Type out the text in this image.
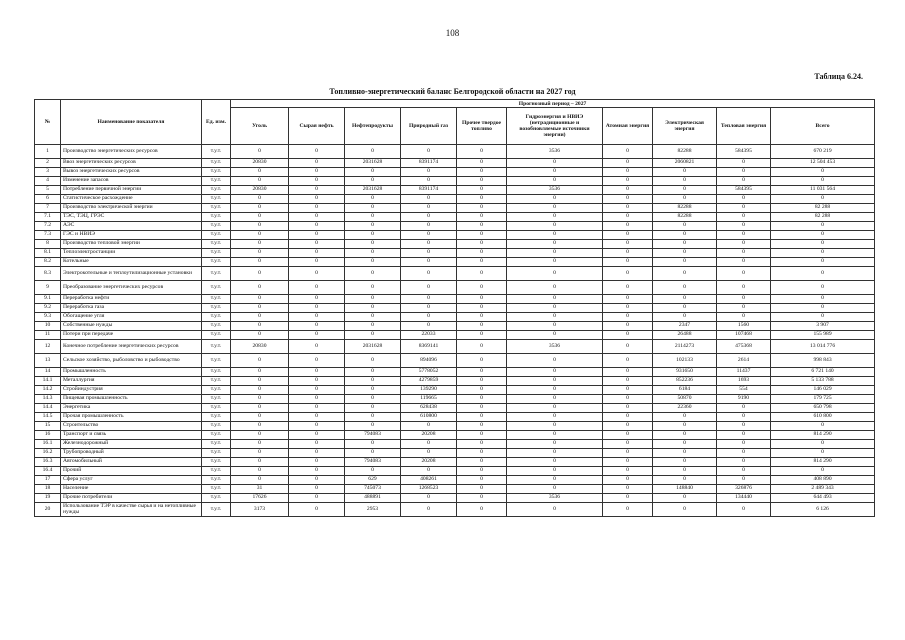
108
Таблица 6.24.
Топливно-энергетический баланс Белгородской области на 2027 год
№	Наименование показателя	Ед. изм.	Прогнозный период – 2027									
			Уголь	Сырая нефть	Нефтепродукты	Природный газ	Прочее твердое топливо	Гидроэнергия и НВИЭ (нетрадиционные и возобновляемые источники энергии)	Атомная энергия	Электрическая энергия	Тепловая энергия	Всего
1	Производство энергетических ресурсов	т.у.т.	0	0	0	0	0	3536	0	82288	584395	670 219
2	Ввоз энергетических ресурсов	т.у.т.	20830	0	2031628	8391174	0	0	0	2060821	0	12 504 453
3	Вывоз энергетических ресурсов	т.у.т.	0	0	0	0	0	0	0	0	0	0
4	Изменение запасов	т.у.т.	0	0	0	0	0	0	0	0	0	0
5	Потребление первичной энергии	т.у.т.	20830	0	2031628	8391174	0	3536	0	0	584395	11 031 564
6	Статистическое расхождение	т.у.т.	0	0	0	0	0	0	0	0	0	0
7	Производство электрической энергии	т.у.т.	0	0	0	0	0	0	0	82288	0	82 288
7.1	ТЭС, ТЭЦ, ГРЭС	т.у.т.	0	0	0	0	0	0	0	82288	0	82 288
7.2	АЭС	т.у.т.	0	0	0	0	0	0	0	0	0	0
7.3	ГЭС и НВИЭ	т.у.т.	0	0	0	0	0	0	0	0	0	0
8	Производство тепловой энергии	т.у.т.	0	0	0	0	0	0	0	0	0	0
8.1	Теплоэлектростанции	т.у.т.	0	0	0	0	0	0	0	0	0	0
8.2	Котельные	т.у.т.	0	0	0	0	0	0	0	0	0	0
8.3	Электрокотельные и теплоутилизационные установки	т.у.т.	0	0	0	0	0	0	0	0	0	0
9	Преобразование энергетических ресурсов	т.у.т.	0	0	0	0	0	0	0	0	0	0
9.1	Переработка нефти	т.у.т.	0	0	0	0	0	0	0	0	0	0
9.2	Переработка газа	т.у.т.	0	0	0	0	0	0	0	0	0	0
9.3	Обогащение угля	т.у.т.	0	0	0	0	0	0	0	0	0	0
10	Собственные нужды	т.у.т.	0	0	0	0	0	0	0	2347	1560	3 907
11	Потери при передаче	т.у.т.	0	0	0	22033	0	0	0	26488	107468	155 989
12	Конечное потребление энергетических ресурсов	т.у.т.	20830	0	2031628	8369141	0	3536	0	2114273	475368	13 014 776
13	Сельское хозяйство, рыболовство и рыбоводство	т.у.т.	0	0	0	894096	0	0	0	102133	2614	998 843
14	Промышленность	т.у.т.	0	0	0	5778052	0	0	0	931650	11437	6 721 140
14.1	Металлургия	т.у.т.	0	0	0	4279859	0	0	0	852236	1693	5 133 788
14.2	Стройиндустрия	т.у.т.	0	0	0	139290	0	0	0	6184	554	146 029
14.3	Пищевая промышленность	т.у.т.	0	0	0	119665	0	0	0	50870	9190	179 725
14.4	Энергетика	т.у.т.	0	0	0	628438	0	0	0	22360	0	650 798
14.5	Прочая промышленность	т.у.т.	0	0	0	610800	0	0	0	0	0	610 800
15	Строительство	т.у.т.	0	0	0	0	0	0	0	0	0	0
16	Транспорт и связь	т.у.т.	0	0	794083	20208	0	0	0	0	0	814 290
16.1	Железнодорожный	т.у.т.	0	0	0	0	0	0	0	0	0	0
16.2	Трубопроводный	т.у.т.	0	0	0	0	0	0	0	0	0	0
16.3	Автомобильный	т.у.т.	0	0	794083	20208	0	0	0	0	0	814 290
16.4	Прочий	т.у.т.	0	0	0	0	0	0	0	0	0	0
17	Сфера услуг	т.у.т.	0	0	629	408261	0	0	0	0	0	408 890
18	Население	т.у.т.	31	0	745073	1268523	0	0	0	148840	326876	2 489 343
19	Прочие потребители	т.у.т.	17626	0	488891	0	0	3536	0	0	134440	644 493
20	Использование ТЭР в качестве сырья и на нетопливные нужды	т.у.т.	3173	0	2953	0	0	0	0	0	0	6 126
